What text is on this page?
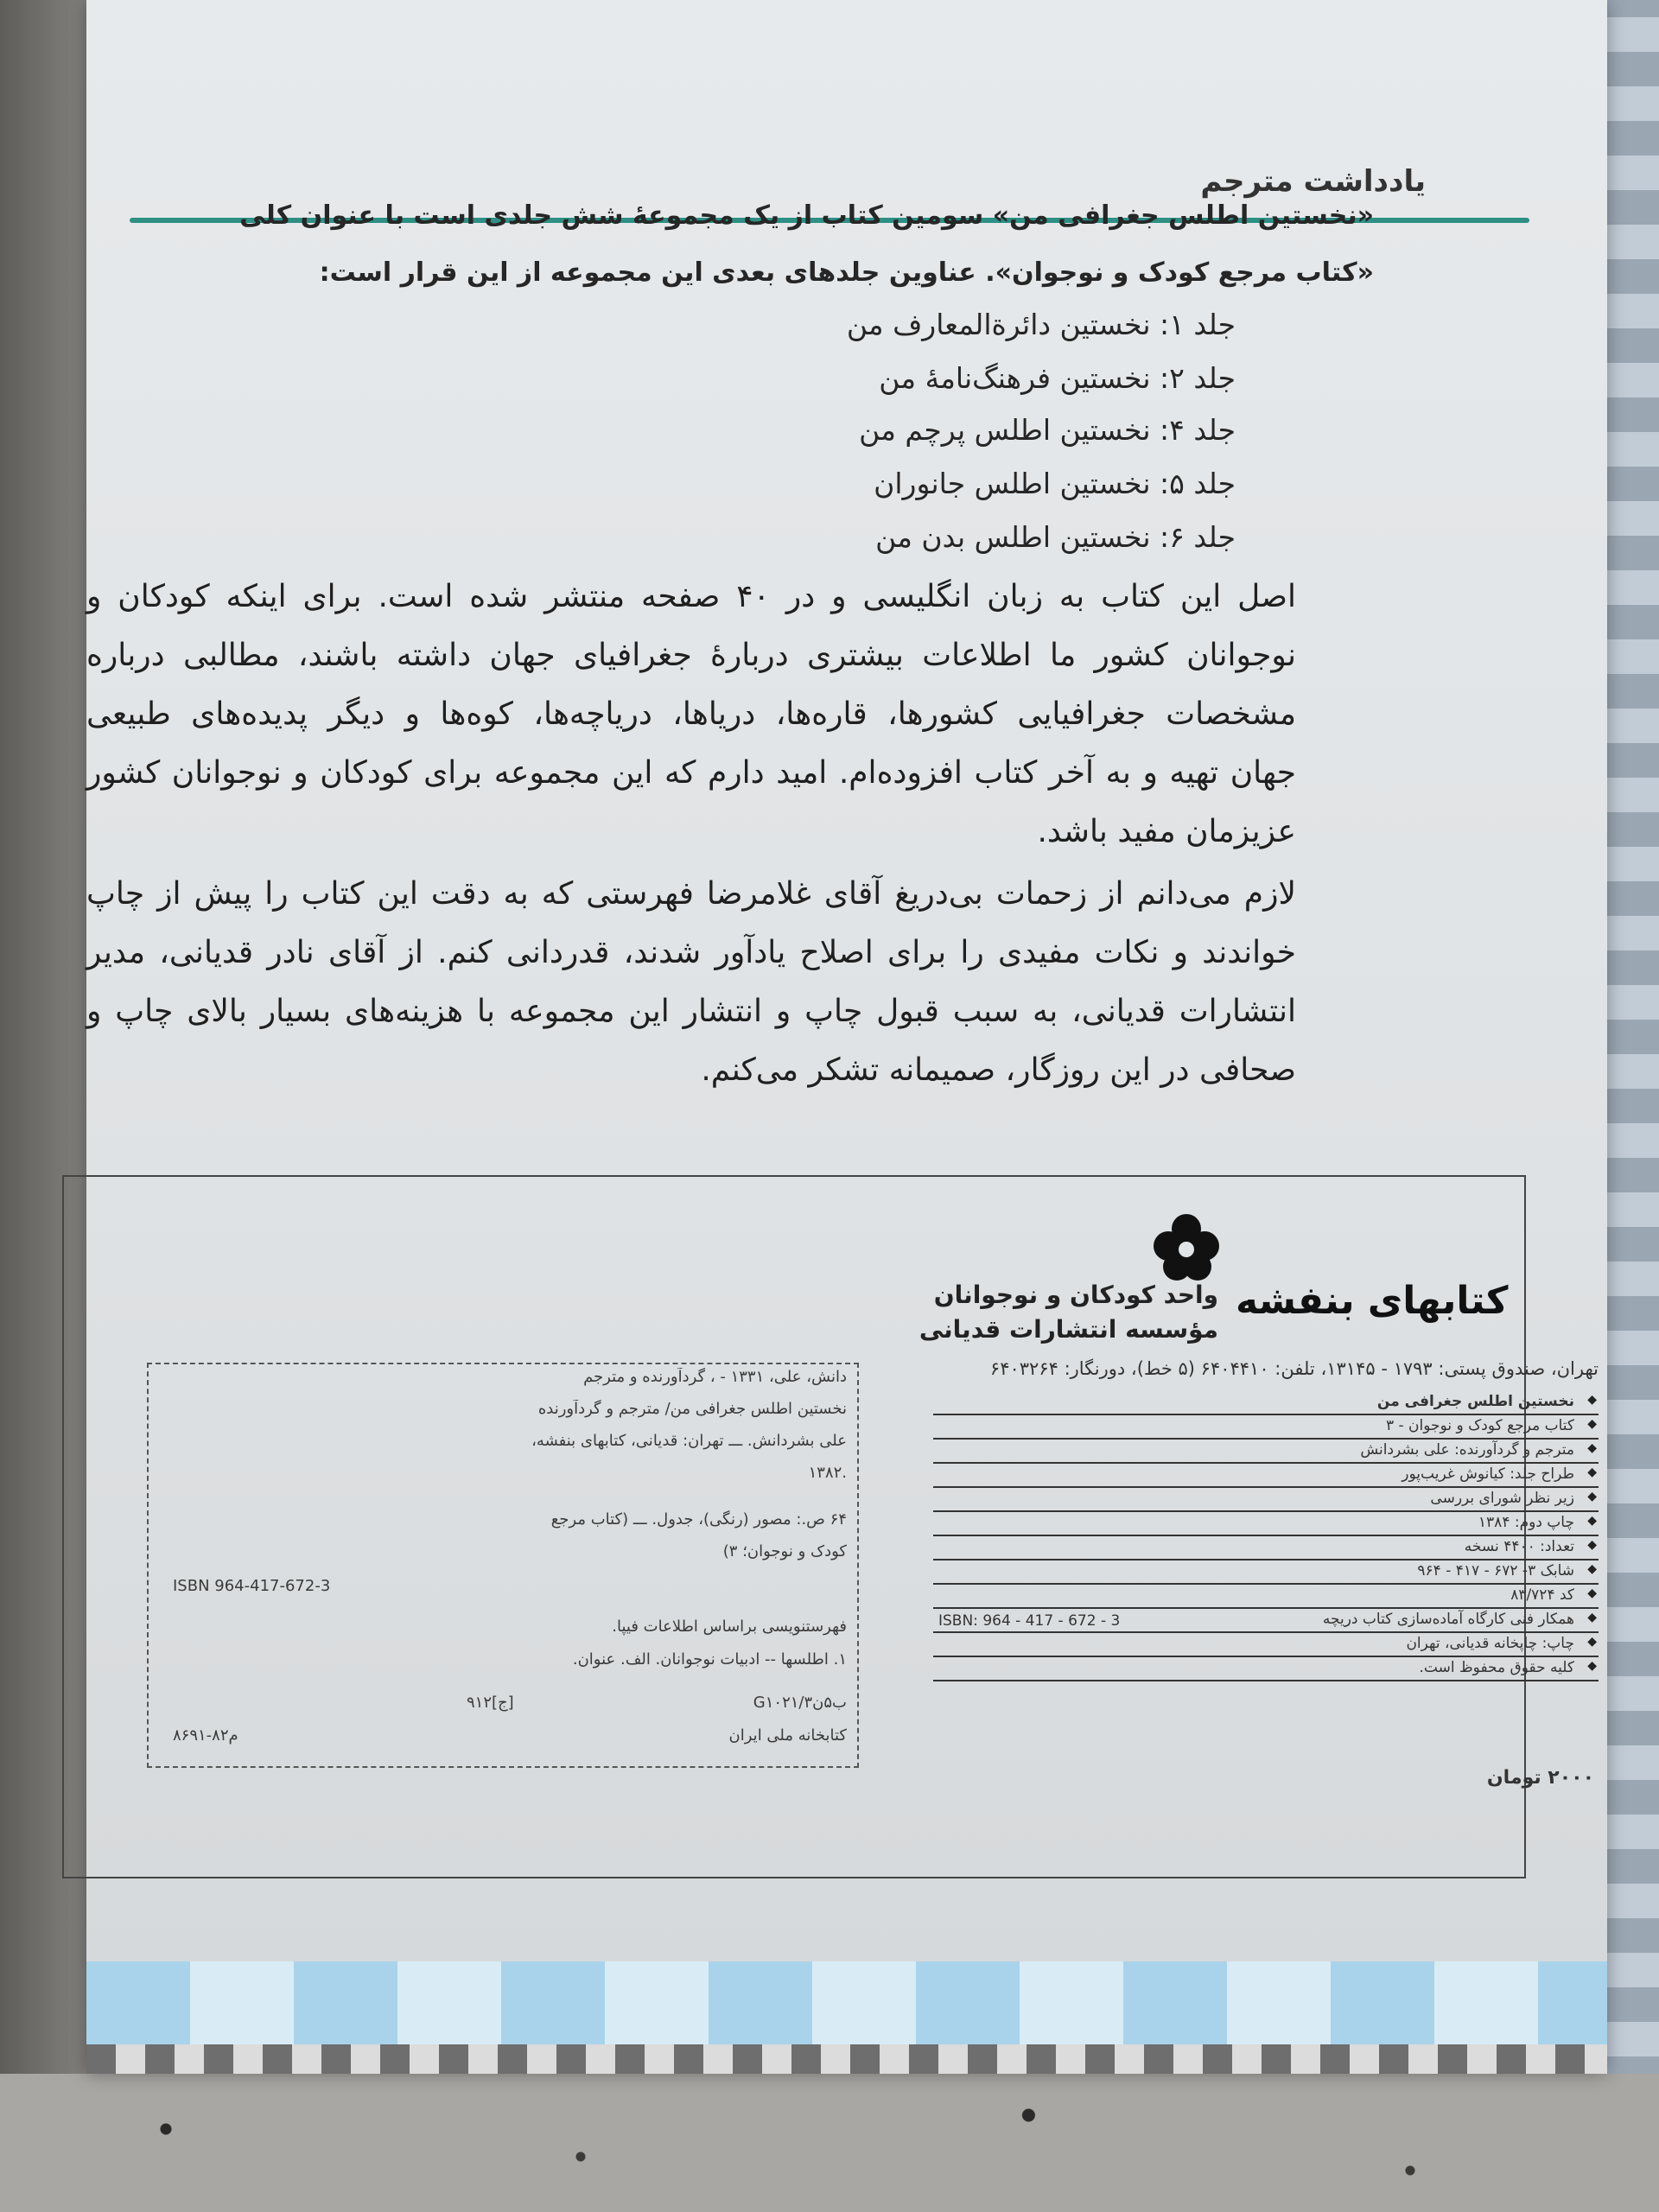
یادداشت مترجم
«نخستین اطلس جغرافی من» سومین کتاب از یک مجموعهٔ شش جلدی است با عنوان کلی
«کتاب مرجع کودک و نوجوان». عناوین جلدهای بعدی این مجموعه از این قرار است:
جلد ۱: نخستین دائرة‌المعارف من
جلد ۲: نخستین فرهنگ‌نامهٔ من
جلد ۴: نخستین اطلس پرچم من
جلد ۵: نخستین اطلس جانوران
جلد ۶: نخستین اطلس بدن من
اصل این کتاب به زبان انگلیسی و در ۴۰ صفحه منتشر شده است. برای اینکه کودکان و
نوجوانان کشور ما اطلاعات بیشتری دربارهٔ جغرافیای جهان داشته باشند، مطالبی درباره
مشخصات جغرافیایی کشورها، قاره‌ها، دریاها، دریاچه‌ها، کوه‌ها و دیگر پدیده‌های طبیعی
جهان تهیه و به آخر کتاب افزوده‌ام. امید دارم که این مجموعه برای کودکان و نوجوانان کشور
عزیزمان مفید باشد.
لازم می‌دانم از زحمات بی‌دریغ آقای غلامرضا فهرستی که به دقت این کتاب را پیش از چاپ
خواندند و نکات مفیدی را برای اصلاح یادآور شدند، قدردانی کنم. از آقای نادر قدیانی، مدیر
انتشارات قدیانی، به سبب قبول چاپ و انتشار این مجموعه با هزینه‌های بسیار بالای چاپ و
صحافی در این روزگار، صمیمانه تشکر می‌کنم.
کتابهای بنفشه
واحد کودکان و نوجوانان
مؤسسه انتشارات قدیانی
تهران، صندوق پستی: ۱۷۹۳ - ۱۳۱۴۵، تلفن: ۶۴۰۴۴۱۰ (۵ خط)، دورنگار: ۶۴۰۳۲۶۴
◆
نخستین اطلس جغرافی من
◆
کتاب مرجع کودک و نوجوان - ۳
◆
مترجم و گردآورنده: علی بشردانش
◆
طراح جلد: کیانوش غریب‌پور
◆
زیر نظر شورای بررسی
◆
چاپ دوم: ۱۳۸۴
◆
تعداد: ۴۴۰۰ نسخه
◆
شابک ۳- ۶۷۲ - ۴۱۷ - ۹۶۴
◆
کد ۸۳/۷۲۴
◆
همکار فنی کارگاه آماده‌سازی کتاب دریچه
◆
چاپ: چاپخانه قدیانی، تهران
◆
کلیه حقوق محفوظ است.
ISBN: 964 - 417 - 672 - 3
۲۰۰۰ تومان
دانش، علی، ۱۳۳۱ - ، گردآورنده و مترجم
نخستین اطلس جغرافی من/ مترجم و گردآورنده
علی بشردانش. ـــ تهران: قدیانی، کتابهای بنفشه،
۱۳۸۲.
۶۴ ص.: مصور (رنگی)، جدول. ـــ (کتاب مرجع
کودک و نوجوان؛ ۳)
ISBN 964-417-672-3
فهرستنویسی براساس اطلاعات فیپا.
۱. اطلسها -- ادبیات نوجوانان. الف. عنوان.
G۱۰۲۱/ب۵ن۳
۹۱۲[ج]
کتابخانه ملی ایران
م۸۲-۸۶۹۱
